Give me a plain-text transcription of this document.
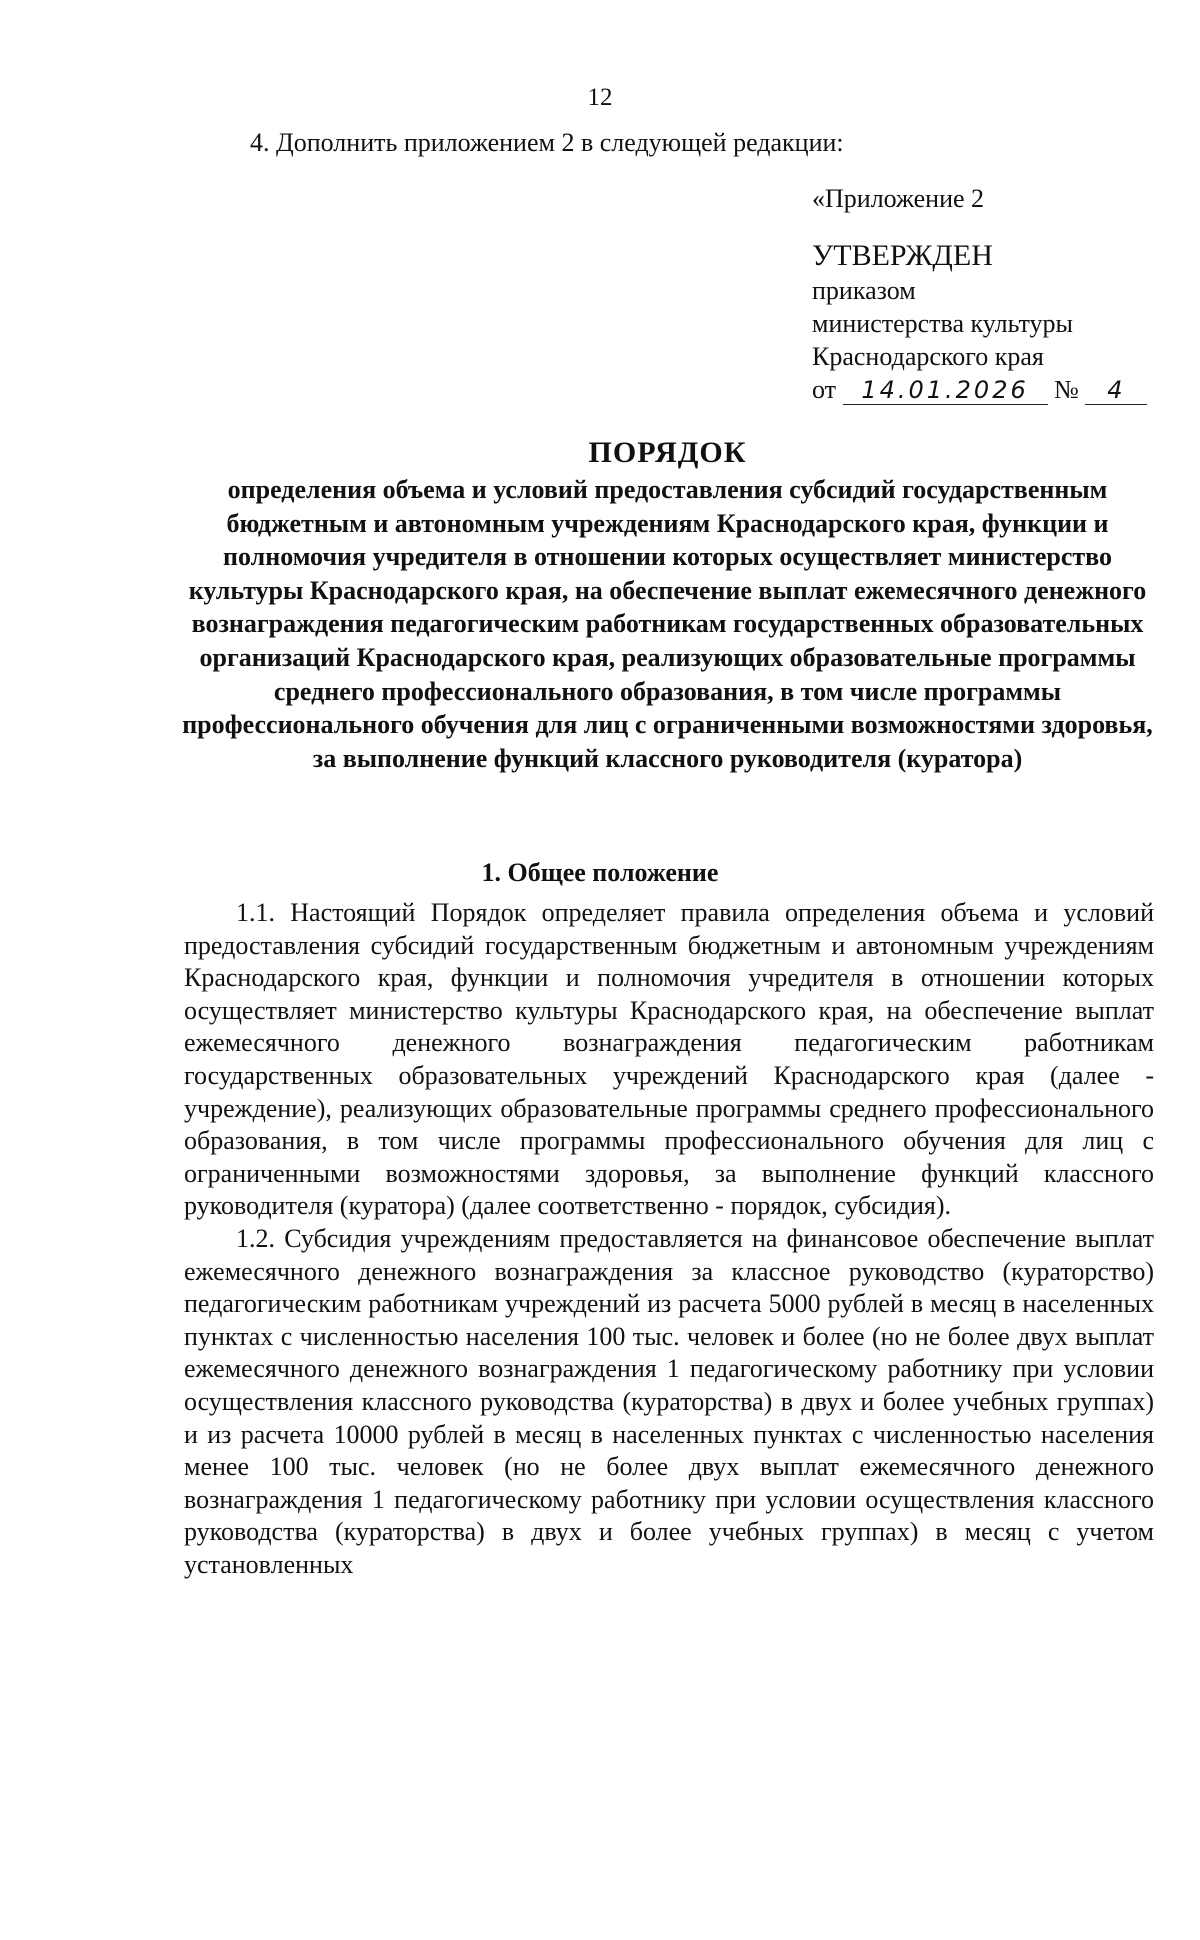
12
4. Дополнить приложением 2 в следующей редакции:
«Приложение 2
УТВЕРЖДЕН
приказом
министерства культуры
Краснодарского края
от 14.01.2026 № 4
ПОРЯДОК
определения объема и условий предоставления субсидий государственным бюджетным и автономным учреждениям Краснодарского края, функции и полномочия учредителя в отношении которых осуществляет министерство культуры Краснодарского края, на обеспечение выплат ежемесячного денежного вознаграждения педагогическим работникам государственных образовательных организаций Краснодарского края, реализующих образовательные программы среднего профессионального образования, в том числе программы профессионального обучения для лиц с ограниченными возможностями здоровья, за выполнение функций классного руководителя (куратора)
1. Общее положение

1.1. Настоящий Порядок определяет правила определения объема и условий предоставления субсидий государственным бюджетным и автономным учреждениям Краснодарского края, функции и полномочия учредителя в отношении которых осуществляет министерство культуры Краснодарского края, на обеспечение выплат ежемесячного денежного вознаграждения педагогическим работникам государственных образовательных учреждений Краснодарского края (далее - учреждение), реализующих образовательные программы среднего профессионального образования, в том числе программы профессионального обучения для лиц с ограниченными возможностями здоровья, за выполнение функций классного руководителя (куратора) (далее соответственно - порядок, субсидия).

1.2. Субсидия учреждениям предоставляется на финансовое обеспечение выплат ежемесячного денежного вознаграждения за классное руководство (кураторство) педагогическим работникам учреждений из расчета 5000 рублей в месяц в населенных пунктах с численностью населения 100 тыс. человек и более (но не более двух выплат ежемесячного денежного вознаграждения 1 педагогическому работнику при условии осуществления классного руководства (кураторства) в двух и более учебных группах) и из расчета 10000 рублей в месяц в населенных пунктах с численностью населения менее 100 тыс. человек (но не более двух выплат ежемесячного денежного вознаграждения 1 педагогическому работнику при условии осуществления классного руководства (кураторства) в двух и более учебных группах) в месяц с учетом установленных
